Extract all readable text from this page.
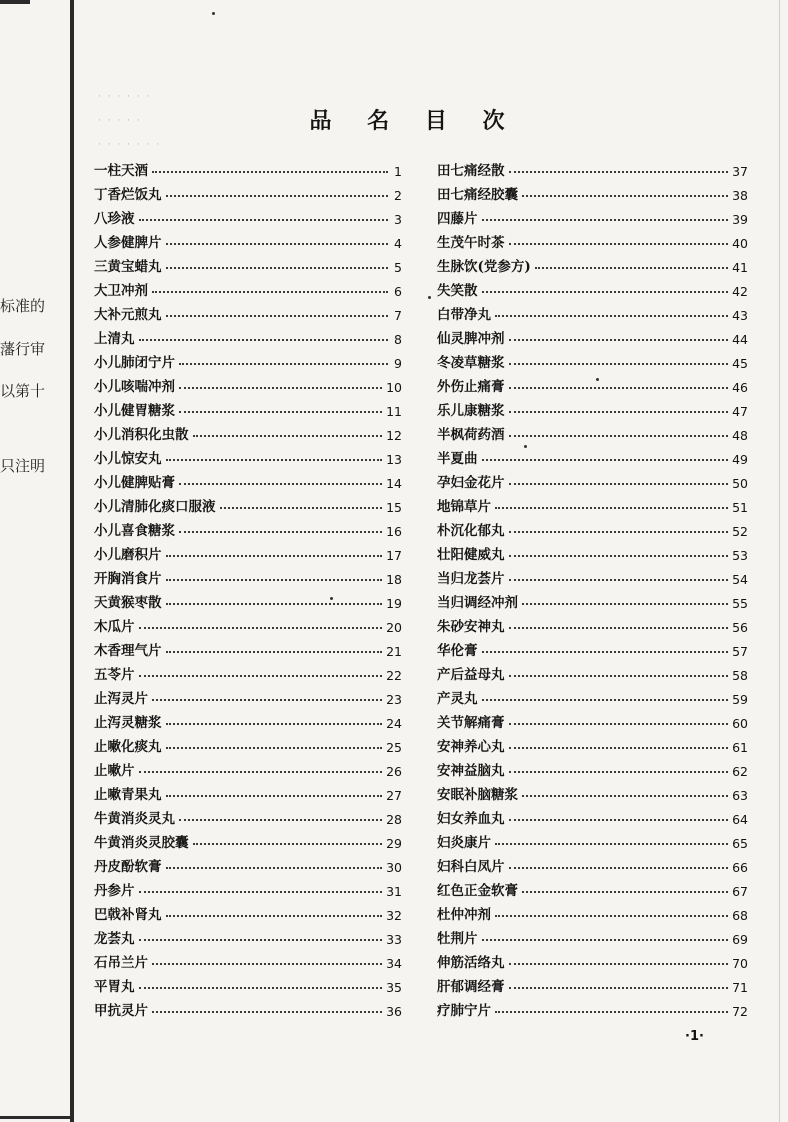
标准的
藩行审
以第十
只注明
· · · · · ·
· · · · ·
· · · · · · ·
品 名 目 次
一柱天酒	1
丁香烂饭丸	2
八珍液	3
人参健脾片	4
三黄宝蜡丸	5
大卫冲剂	6
大补元煎丸	7
上清丸	8
小儿肺闭宁片	9
小儿咳喘冲剂	10
小儿健胃糖浆	11
小儿消积化虫散	12
小儿惊安丸	13
小儿健脾贴膏	14
小儿清肺化痰口服液	15
小儿喜食糖浆	16
小儿磨积片	17
开胸消食片	18
天黄猴枣散	19
木瓜片	20
木香理气片	21
五苓片	22
止泻灵片	23
止泻灵糖浆	24
止嗽化痰丸	25
止嗽片	26
止嗽青果丸	27
牛黄消炎灵丸	28
牛黄消炎灵胶囊	29
丹皮酚软膏	30
丹参片	31
巴戟补肾丸	32
龙荟丸	33
石吊兰片	34
平胃丸	35
甲抗灵片	36
田七痛经散	37
田七痛经胶囊	38
四藤片	39
生茂午时茶	40
生脉饮(党参方)	41
失笑散	42
白带净丸	43
仙灵脾冲剂	44
冬凌草糖浆	45
外伤止痛膏	46
乐儿康糖浆	47
半枫荷药酒	48
半夏曲	49
孕妇金花片	50
地锦草片	51
朴沉化郁丸	52
壮阳健威丸	53
当归龙荟片	54
当归调经冲剂	55
朱砂安神丸	56
华伦膏	57
产后益母丸	58
产灵丸	59
关节解痛膏	60
安神养心丸	61
安神益脑丸	62
安眠补脑糖浆	63
妇女养血丸	64
妇炎康片	65
妇科白凤片	66
红色正金软膏	67
杜仲冲剂	68
牡荆片	69
伸筋活络丸	70
肝郁调经膏	71
疗肺宁片	72
·1·
